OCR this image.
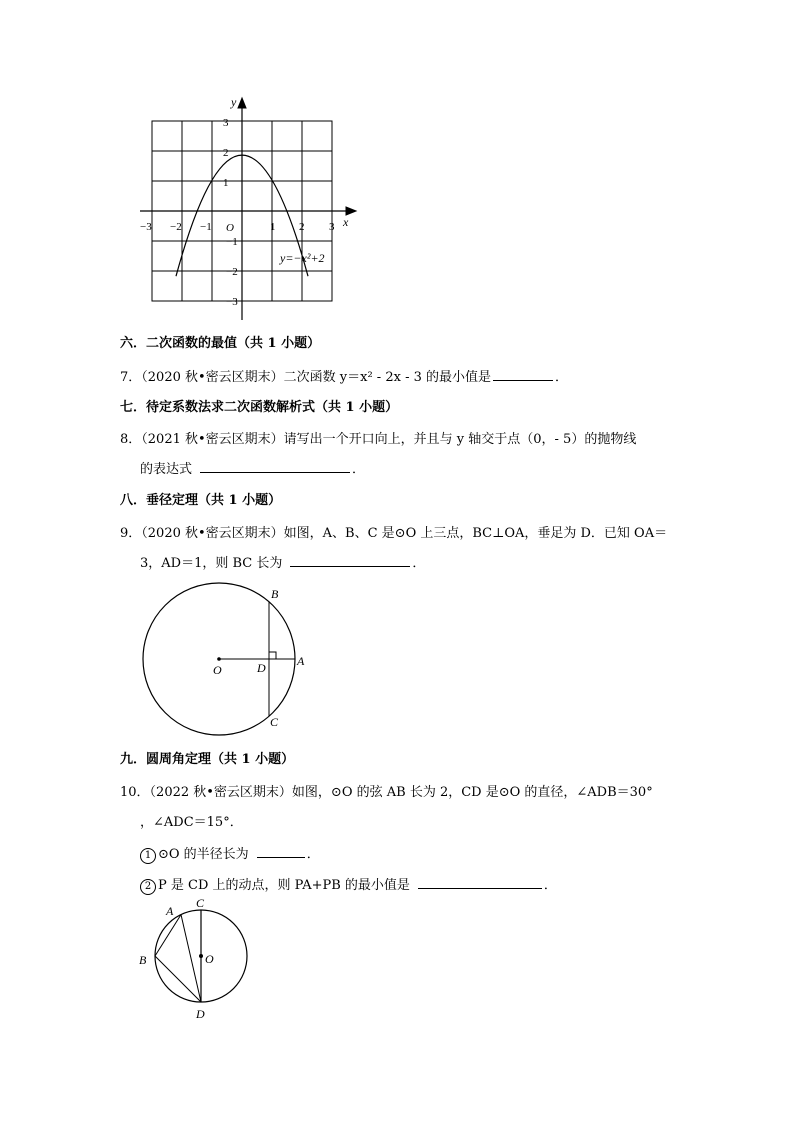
y
x
O
−3 −2 −1	1 2 3
3
2
1
−1
−2
−3
y=−x²+2
六．二次函数的最值（共 1 小题）
7．（2020 秋•密云区期末）二次函数 y＝x² - 2x - 3 的最小值是	．
七．待定系数法求二次函数解析式（共 1 小题）
8．（2021 秋•密云区期末）请写出一个开口向上，并且与 y 轴交于点（0，- 5）的抛物线
的表达式	．
八．垂径定理（共 1 小题）
9．（2020 秋•密云区期末）如图，A、B、C 是⊙O 上三点，BC⊥OA，垂足为 D．已知 OA＝
3，AD＝1，则 BC 长为	．
B
O	D	A
C
九．圆周角定理（共 1 小题）
10．（2022 秋•密云区期末）如图，⊙O 的弦 AB 长为 2，CD 是⊙O 的直径，∠ADB＝30°
，∠ADC＝15°．
1 ⊙O 的半径长为	．
2 P 是 CD 上的动点，则 PA+PB 的最小值是	．
A
B
C
D
O
